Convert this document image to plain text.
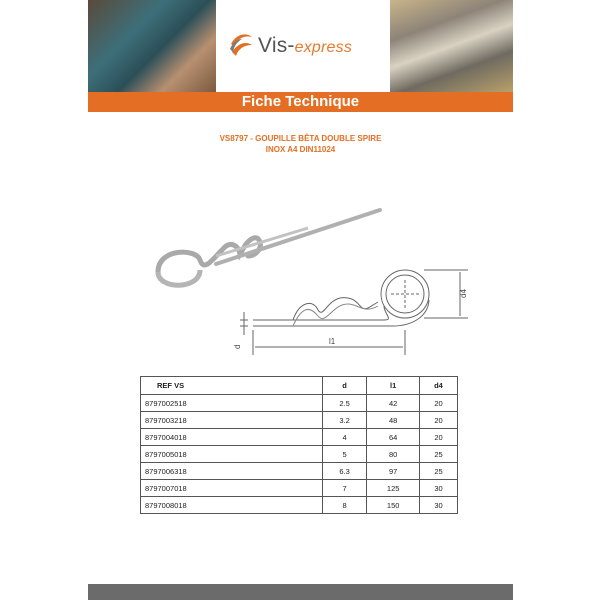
Vis-express
Fiche Technique
VS8797 - GOUPILLE BÊTA DOUBLE SPIRE
INOX A4 DIN11024
d4
d
l1
REF VS	d	l1	d4
8797002518	2.5	42	20
8797003218	3.2	48	20
8797004018	4	64	20
8797005018	5	80	25
8797006318	6.3	97	25
8797007018	7	125	30
8797008018	8	150	30
